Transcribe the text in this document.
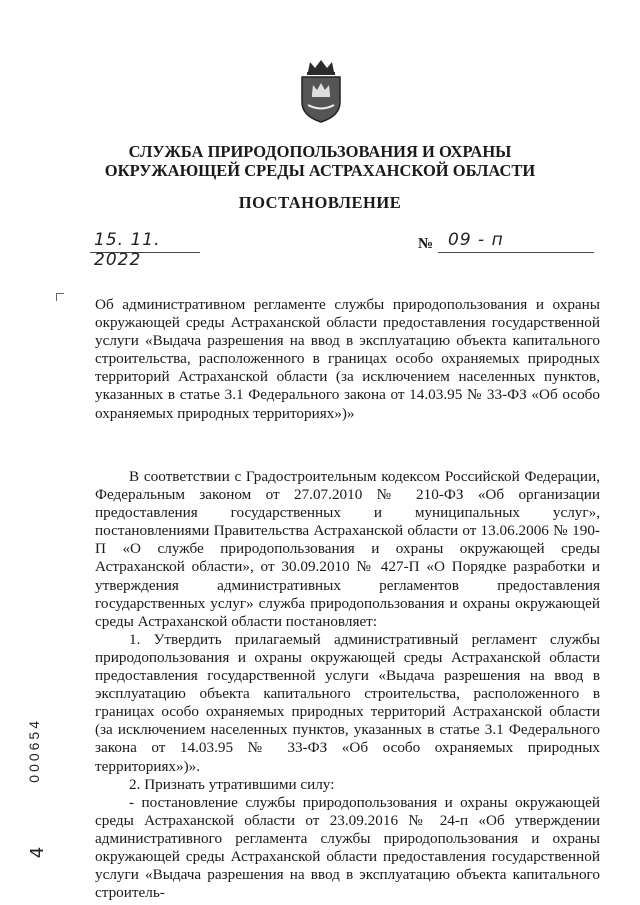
СЛУЖБА ПРИРОДОПОЛЬЗОВАНИЯ И ОХРАНЫ
ОКРУЖАЮЩЕЙ СРЕДЫ АСТРАХАНСКОЙ ОБЛАСТИ
ПОСТАНОВЛЕНИЕ
15. 11. 2022
№ 09 - п
Об административном регламенте службы природопользования и охраны окружающей среды Астраханской области предоставления государственной услуги «Выдача разрешения на ввод в эксплуатацию объекта капитального строительства, расположенного в границах особо охраняемых природных территорий Астраханской области (за исключением населенных пунктов, указанных в статье 3.1 Федерального закона от 14.03.95 № 33-ФЗ «Об особо охраняемых природных территориях»)»

В соответствии с Градостроительным кодексом Российской Федерации, Федеральным законом от 27.07.2010 № 210-ФЗ «Об организации предоставления государственных и муниципальных услуг», постановлениями Правительства Астраханской области от 13.06.2006 № 190-П «О службе природопользования и охраны окружающей среды Астраханской области», от 30.09.2010 № 427-П «О Порядке разработки и утверждения административных регламентов предоставления государственных услуг» служба природопользования и охраны окружающей среды Астраханской области постановляет:

1. Утвердить прилагаемый административный регламент службы природопользования и охраны окружающей среды Астраханской области предоставления государственной услуги «Выдача разрешения на ввод в эксплуатацию объекта капитального строительства, расположенного в границах особо охраняемых природных территорий Астраханской области (за исключением населенных пунктов, указанных в статье 3.1 Федерального закона от 14.03.95 № 33-ФЗ «Об особо охраняемых природных территориях»)».

2. Признать утратившими силу:

- постановление службы природопользования и охраны окружающей среды Астраханской области от 23.09.2016 № 24-п «Об утверждении административного регламента службы природопользования и охраны окружающей среды Астраханской области предоставления государственной услуги «Выдача разрешения на ввод в эксплуатацию объекта капитального строитель-

000654
4
